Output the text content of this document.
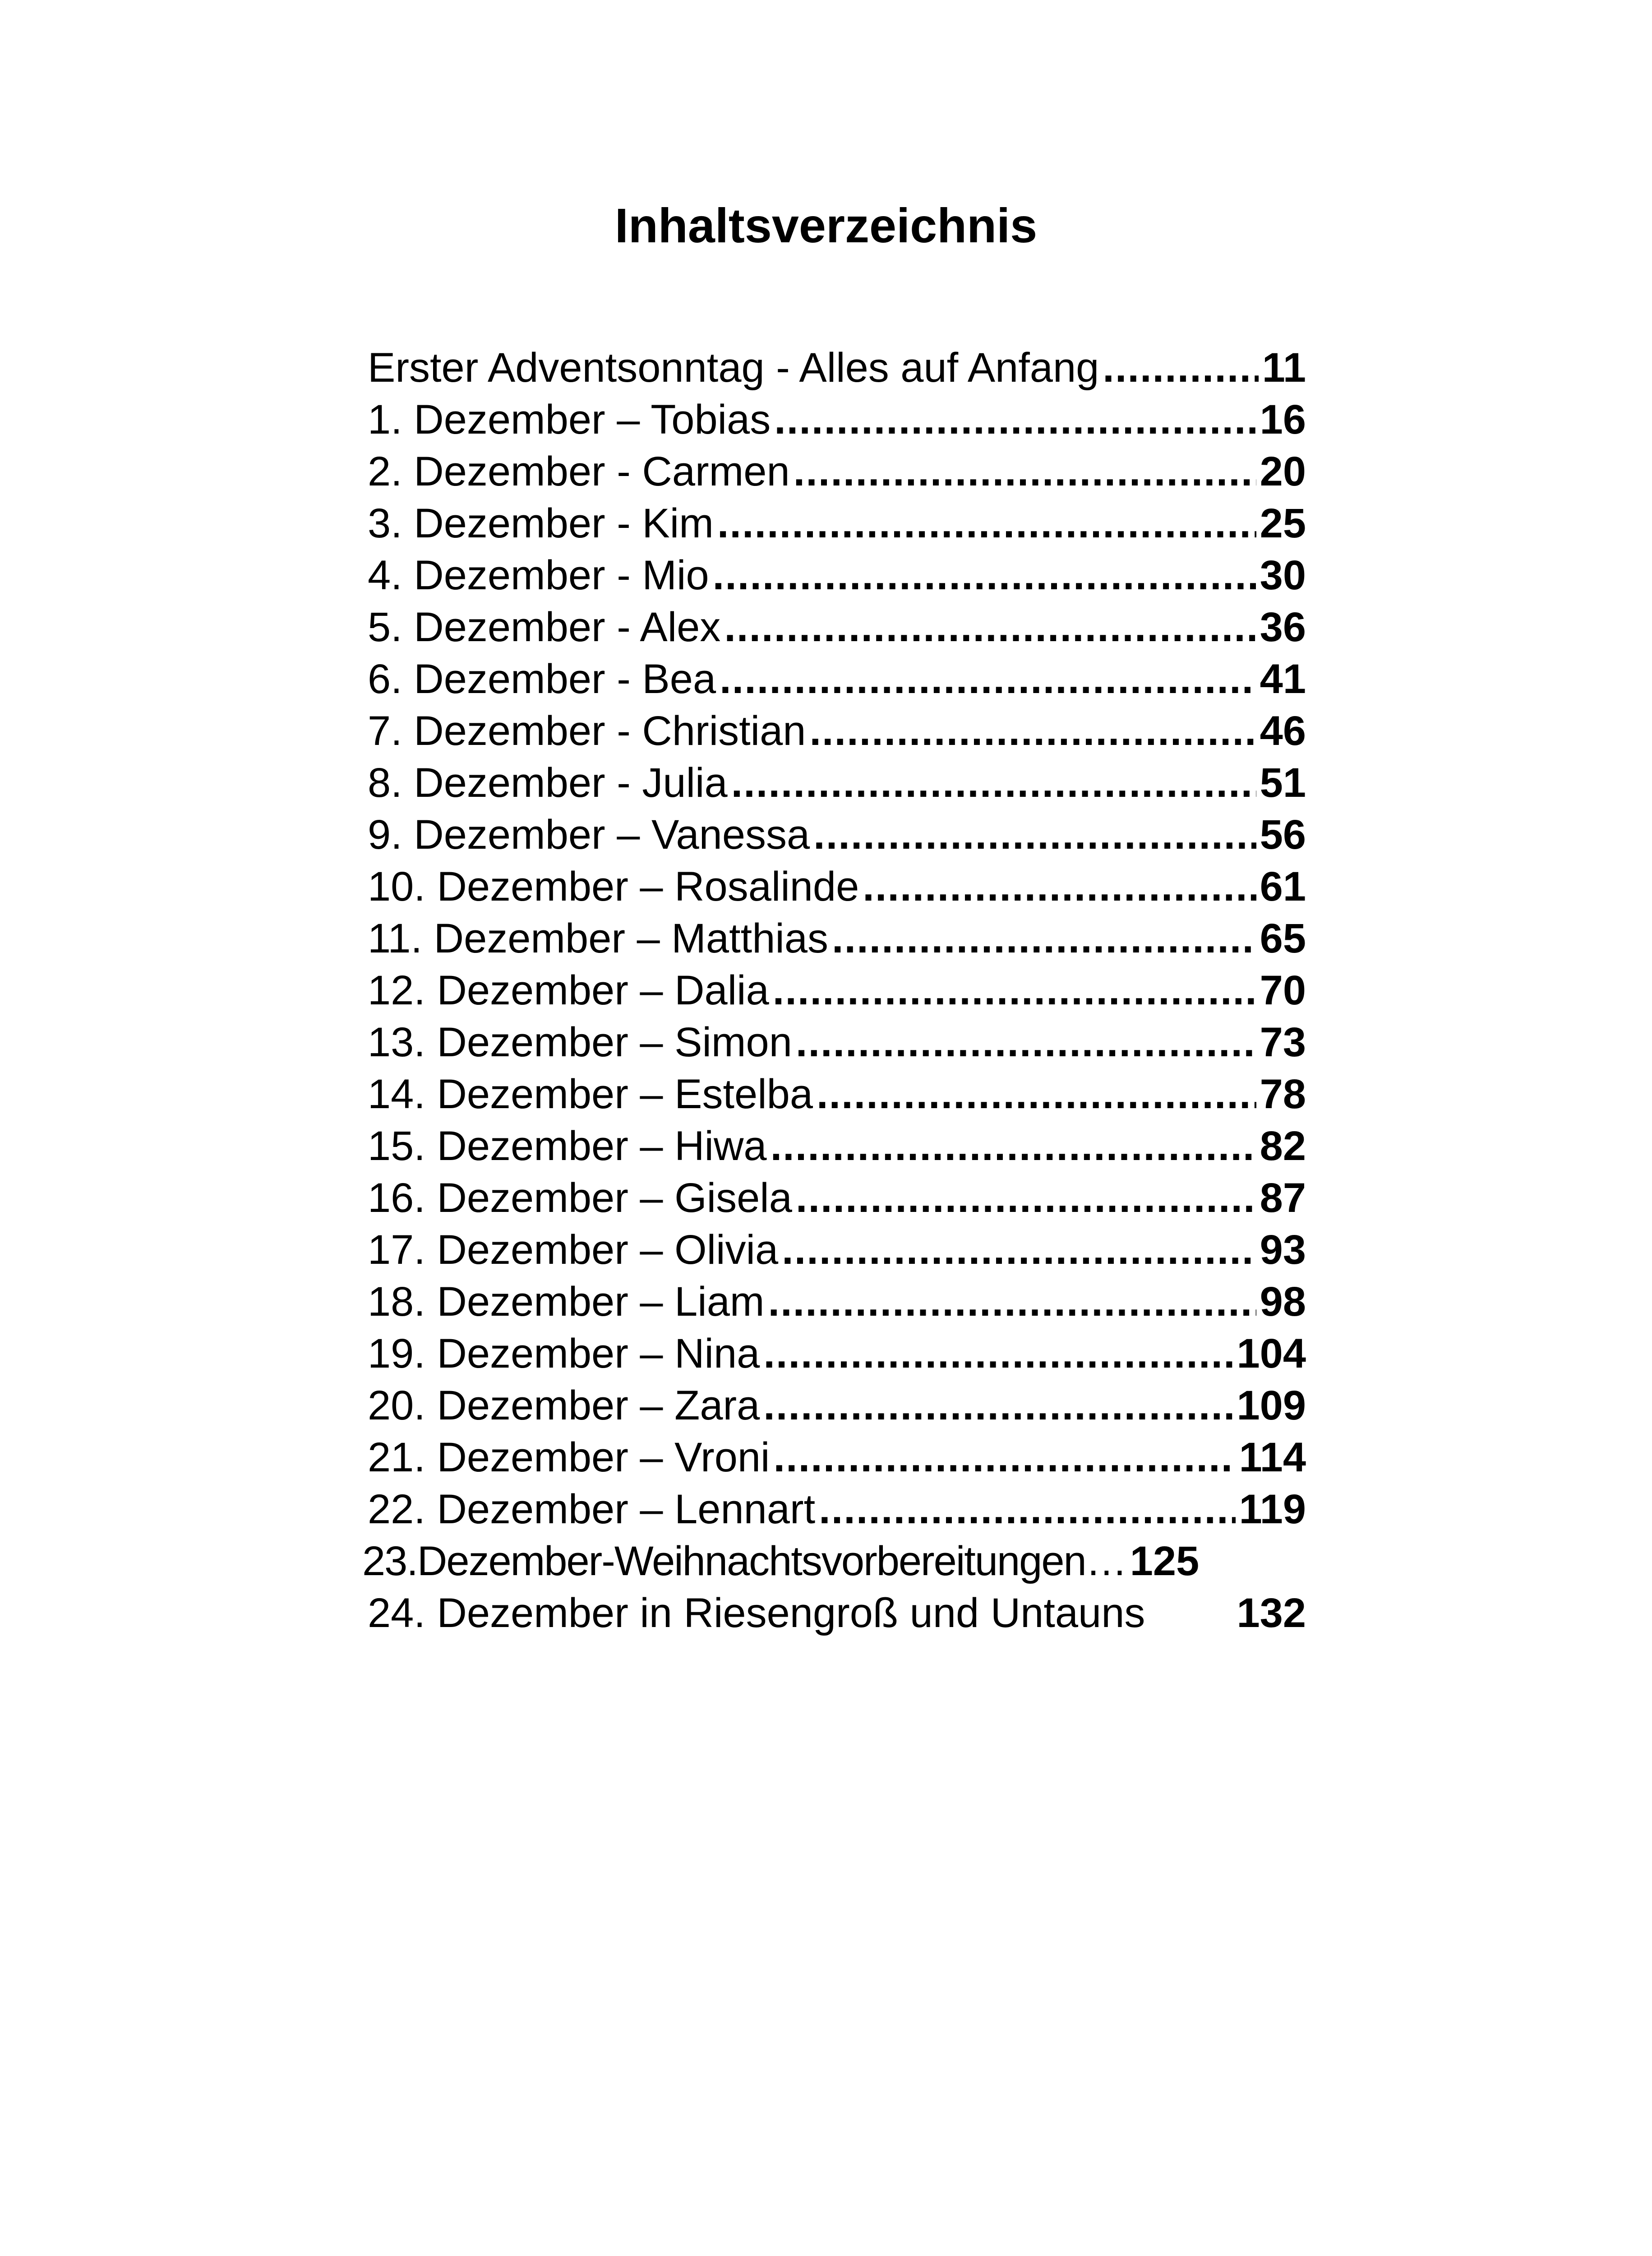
Inhaltsverzeichnis
Erster Adventsonntag - Alles auf Anfang .....	11
1. Dezember – Tobias .....	16
2. Dezember - Carmen .....	20
3. Dezember - Kim .....	25
4. Dezember - Mio .....	30
5. Dezember - Alex .....	36
6. Dezember - Bea .....	41
7. Dezember - Christian .....	46
8. Dezember - Julia .....	51
9. Dezember – Vanessa .....	56
10. Dezember – Rosalinde .....	61
11. Dezember – Matthias .....	65
12. Dezember – Dalia .....	70
13. Dezember – Simon .....	73
14. Dezember – Estelba .....	78
15. Dezember – Hiwa .....	82
16. Dezember – Gisela .....	87
17. Dezember – Olivia .....	93
18. Dezember – Liam .....	98
19. Dezember – Nina .....	104
20. Dezember – Zara .....	109
21. Dezember – Vroni .....	114
22. Dezember – Lennart .....	119
23.Dezember-Weihnachtsvorbereitungen … 125
24. Dezember in Riesengroß und Untauns 132
